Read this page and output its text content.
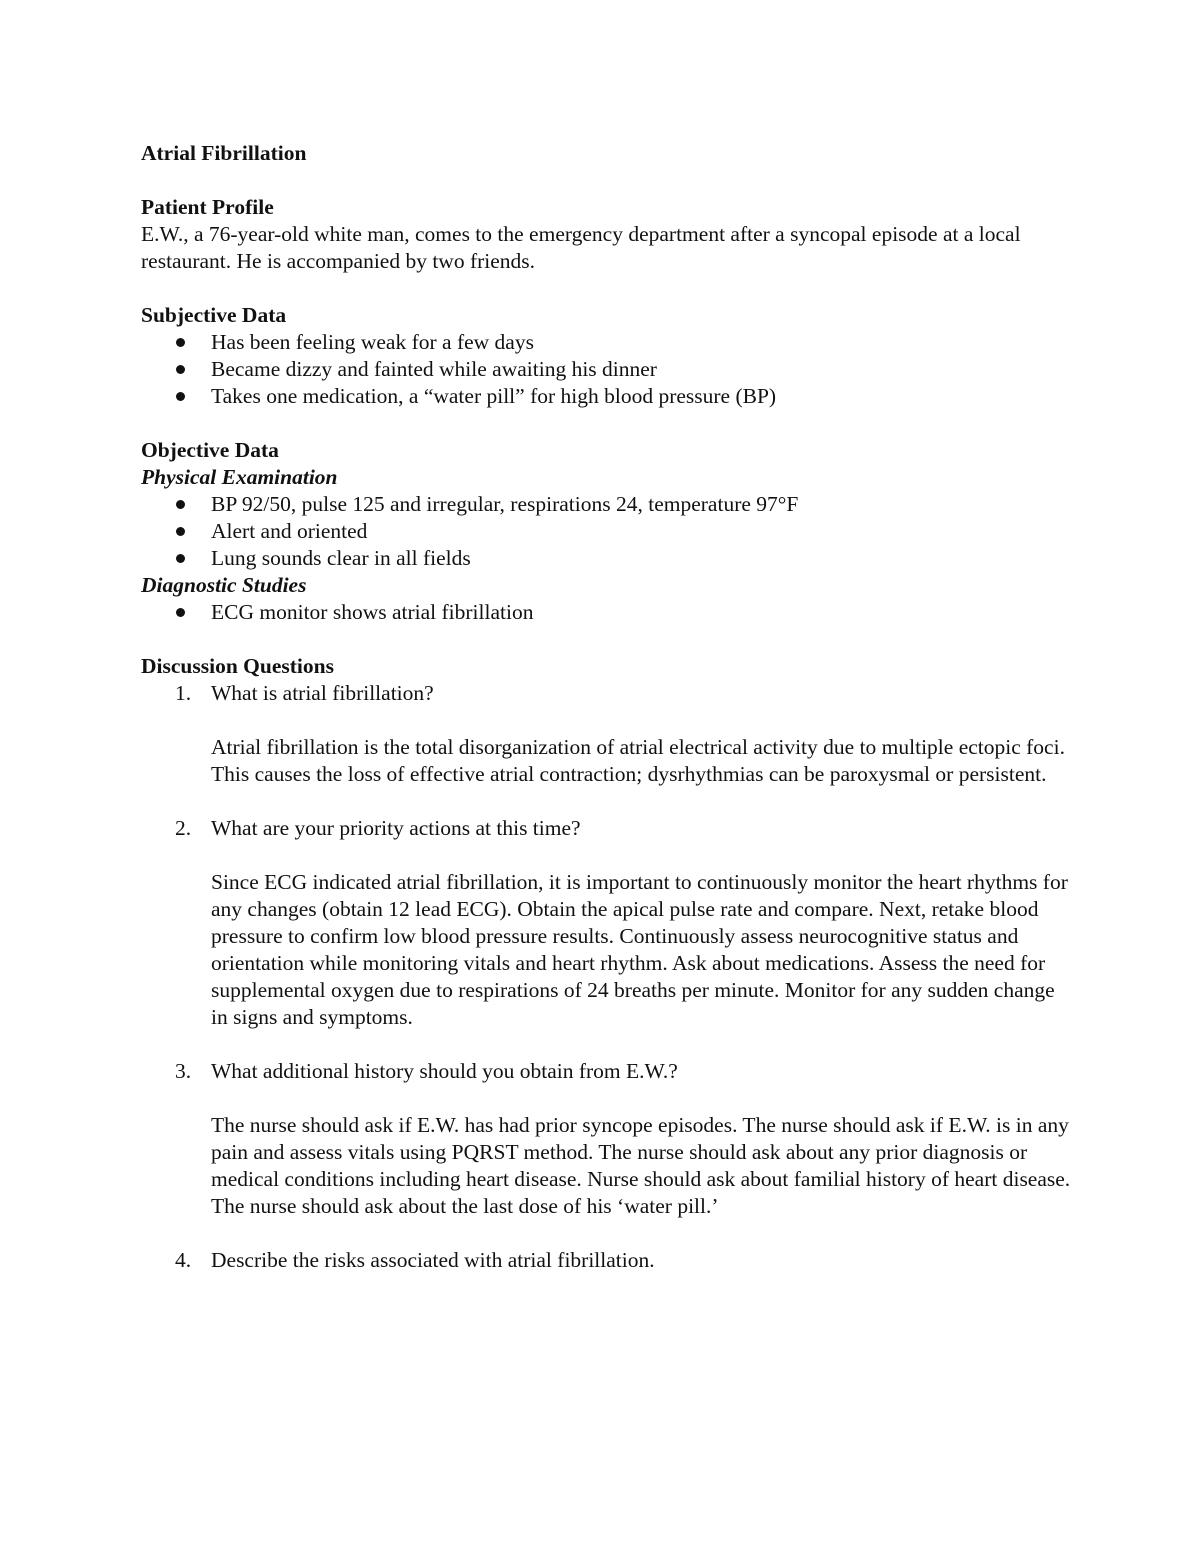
Atrial Fibrillation

Patient Profile

E.W., a 76-year-old white man, comes to the emergency department after a syncopal episode at a local restaurant. He is accompanied by two friends.

Subjective Data

Has been feeling weak for a few days
Became dizzy and fainted while awaiting his dinner
Takes one medication, a “water pill” for high blood pressure (BP)

Objective Data

Physical Examination

BP 92/50, pulse 125 and irregular, respirations 24, temperature 97°F
Alert and oriented
Lung sounds clear in all fields

Diagnostic Studies

ECG monitor shows atrial fibrillation

Discussion Questions

1. What is atrial fibrillation?

Atrial fibrillation is the total disorganization of atrial electrical activity due to multiple ectopic foci. This causes the loss of effective atrial contraction; dysrhythmias can be paroxysmal or persistent.

2. What are your priority actions at this time?

Since ECG indicated atrial fibrillation, it is important to continuously monitor the heart rhythms for any changes (obtain 12 lead ECG). Obtain the apical pulse rate and compare. Next, retake blood pressure to confirm low blood pressure results. Continuously assess neurocognitive status and orientation while monitoring vitals and heart rhythm. Ask about medications. Assess the need for supplemental oxygen due to respirations of 24 breaths per minute. Monitor for any sudden change in signs and symptoms.

3. What additional history should you obtain from E.W.?

The nurse should ask if E.W. has had prior syncope episodes. The nurse should ask if E.W. is in any pain and assess vitals using PQRST method. The nurse should ask about any prior diagnosis or medical conditions including heart disease. Nurse should ask about familial history of heart disease. The nurse should ask about the last dose of his ‘water pill.’

4. Describe the risks associated with atrial fibrillation.
